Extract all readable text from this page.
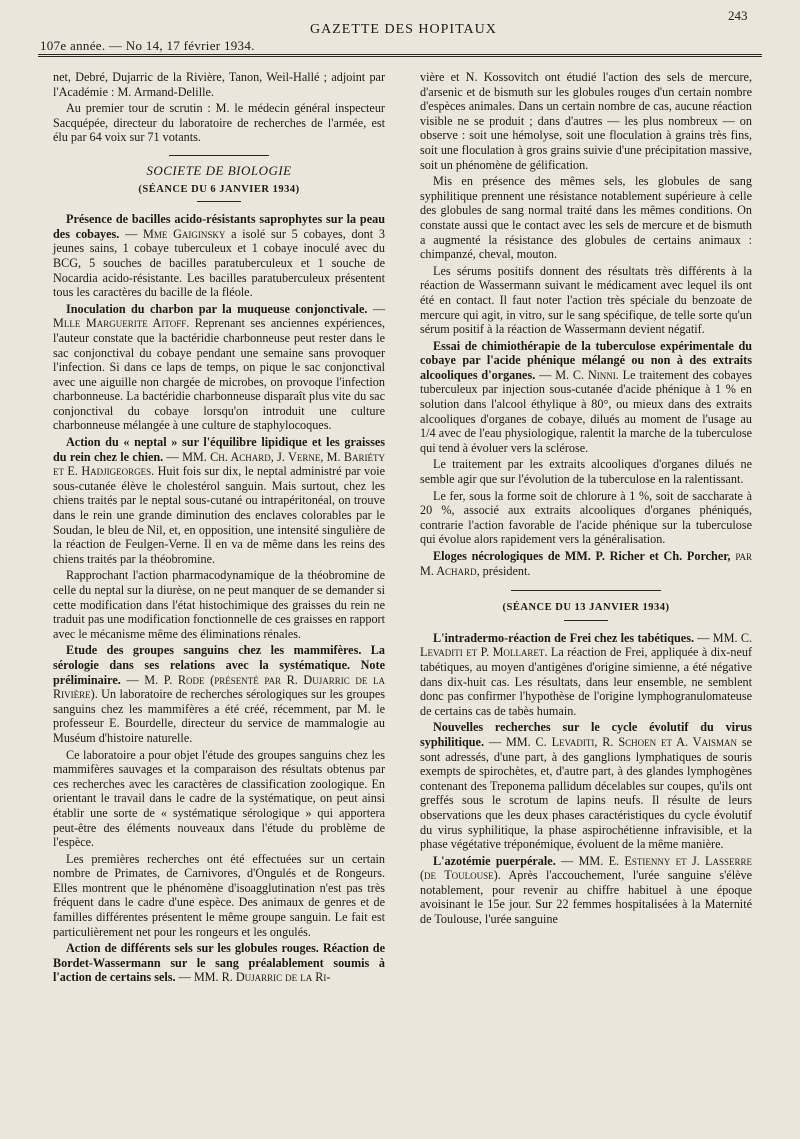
107e année. — No 14, 17 février 1934.
GAZETTE DES HOPITAUX
243

net, Debré, Dujarric de la Rivière, Tanon, Weil-Hallé ; adjoint par l'Académie : M. Armand-Delille.

Au premier tour de scrutin : M. le médecin général inspecteur Sacquépée, directeur du laboratoire de recherches de l'armée, est élu par 64 voix sur 71 votants.

SOCIETE DE BIOLOGIE
(SÉANCE DU 6 JANVIER 1934)

Présence de bacilles acido-résistants saprophytes sur la peau des cobayes. — Mme Gaiginsky a isolé sur 5 cobayes, dont 3 jeunes sains, 1 cobaye tuberculeux et 1 cobaye inoculé avec du BCG, 5 souches de bacilles paratuberculeux et 1 souche de Nocardia acido-résistante. Les bacilles paratuberculeux présentent tous les caractères du bacille de la fléole.

Inoculation du charbon par la muqueuse conjonctivale. — Mlle Marguerite Aitoff. Reprenant ses anciennes expériences, l'auteur constate que la bactéridie charbonneuse peut rester dans le sac conjonctival du cobaye pendant une semaine sans provoquer l'infection. Si dans ce laps de temps, on pique le sac conjonctival avec une aiguille non chargée de microbes, on provoque l'infection charbonneuse. La bactéridie charbonneuse disparaît plus vite du sac conjonctival du cobaye lorsqu'on introduit une culture charbonneuse mélangée à une culture de staphylocoques.

Action du « neptal » sur l'équilibre lipidique et les graisses du rein chez le chien. — MM. Ch. Achard, J. Verne, M. Bariéty et E. Hadjigeorges. Huit fois sur dix, le neptal administré par voie sous-cutanée élève le cholestérol sanguin. Mais surtout, chez les chiens traités par le neptal sous-cutané ou intrapéritonéal, on trouve dans le rein une grande diminution des enclaves colorables par le Soudan, le bleu de Nil, et, en opposition, une intensité singulière de la réaction de Feulgen-Verne. Il en va de même dans les reins des chiens traités par la théobromine.

Rapprochant l'action pharmacodynamique de la théobromine de celle du neptal sur la diurèse, on ne peut manquer de se demander si cette modification dans l'état histochimique des graisses du rein ne traduit pas une modification fonctionnelle de ces graisses en rapport avec le mécanisme même des éliminations rénales.

Etude des groupes sanguins chez les mammifères. La sérologie dans ses relations avec la systématique. Note préliminaire. — M. P. Rode (présenté par R. Dujarric de la Rivière). Un laboratoire de recherches sérologiques sur les groupes sanguins chez les mammifères a été créé, récemment, par M. le professeur E. Bourdelle, directeur du service de mammalogie au Muséum d'histoire naturelle.

Ce laboratoire a pour objet l'étude des groupes sanguins chez les mammifères sauvages et la comparaison des résultats obtenus par ces recherches avec les caractères de classification zoologique. En orientant le travail dans le cadre de la systématique, on peut ainsi établir une sorte de « systématique sérologique » qui apportera peut-être des éléments nouveaux dans l'étude du problème de l'espèce.

Les premières recherches ont été effectuées sur un certain nombre de Primates, de Carnivores, d'Ongulés et de Rongeurs. Elles montrent que le phénomène d'isoagglutination n'est pas très fréquent dans le cadre d'une espèce. Des animaux de genres et de familles différentes présentent le même groupe sanguin. Le fait est particulièrement net pour les rongeurs et les ongulés.

Action de différents sels sur les globules rouges. Réaction de Bordet-Wassermann sur le sang préalablement soumis à l'action de certains sels. — MM. R. Dujarric de la Ri-

vière et N. Kossovitch ont étudié l'action des sels de mercure, d'arsenic et de bismuth sur les globules rouges d'un certain nombre d'espèces animales. Dans un certain nombre de cas, aucune réaction visible ne se produit ; dans d'autres — les plus nombreux — on observe : soit une hémolyse, soit une floculation à grains très fins, soit une floculation à gros grains suivie d'une précipitation massive, soit un phénomène de gélification.

Mis en présence des mêmes sels, les globules de sang syphilitique prennent une résistance notablement supérieure à celle des globules de sang normal traité dans les mêmes conditions. On constate aussi que le contact avec les sels de mercure et de bismuth a augmenté la résistance des globules de certains animaux : chimpanzé, cheval, mouton.

Les sérums positifs donnent des résultats très différents à la réaction de Wassermann suivant le médicament avec lequel ils ont été en contact. Il faut noter l'action très spéciale du benzoate de mercure qui agit, in vitro, sur le sang spécifique, de telle sorte qu'un sérum positif à la réaction de Wassermann devient négatif.

Essai de chimiothérapie de la tuberculose expérimentale du cobaye par l'acide phénique mélangé ou non à des extraits alcooliques d'organes. — M. C. Ninni. Le traitement des cobayes tuberculeux par injection sous-cutanée d'acide phénique à 1 % en solution dans l'alcool éthylique à 80°, ou mieux dans des extraits alcooliques d'organes de cobaye, dilués au moment de l'usage au 1/4 avec de l'eau physiologique, ralentit la marche de la tuberculose qui tend à évoluer vers la sclérose.

Le traitement par les extraits alcooliques d'organes dilués ne semble agir que sur l'évolution de la tuberculose en la ralentissant.

Le fer, sous la forme soit de chlorure à 1 %, soit de saccharate à 20 %, associé aux extraits alcooliques d'organes phéniqués, contrarie l'action favorable de l'acide phénique sur la tuberculose qui évolue alors rapidement vers la généralisation.

Eloges nécrologiques de MM. P. Richer et Ch. Porcher, par M. Achard, président.

(SÉANCE DU 13 JANVIER 1934)

L'intradermo-réaction de Frei chez les tabétiques. — MM. C. Levaditi et P. Mollaret. La réaction de Frei, appliquée à dix-neuf tabétiques, au moyen d'antigènes d'origine simienne, a été négative dans dix-huit cas. Les résultats, dans leur ensemble, ne semblent donc pas confirmer l'hypothèse de l'origine lymphogranulomateuse de certains cas de tabès humain.

Nouvelles recherches sur le cycle évolutif du virus syphilitique. — MM. C. Levaditi, R. Schoen et A. Vaisman se sont adressés, d'une part, à des ganglions lymphatiques de souris exempts de spirochètes, et, d'autre part, à des glandes lymphogènes contenant des Treponema pallidum décelables sur coupes, qu'ils ont greffés sous le scrotum de lapins neufs. Il résulte de leurs observations que les deux phases caractéristiques du cycle évolutif du virus syphilitique, la phase aspirochétienne infravisible, et la phase végétative tréponémique, évoluent de la même manière.

L'azotémie puerpérale. — MM. E. Estienny et J. Lasserre (de Toulouse). Après l'accouchement, l'urée sanguine s'élève notablement, pour revenir au chiffre habituel à une époque avoisinant le 15e jour. Sur 22 femmes hospitalisées à la Maternité de Toulouse, l'urée sanguine
